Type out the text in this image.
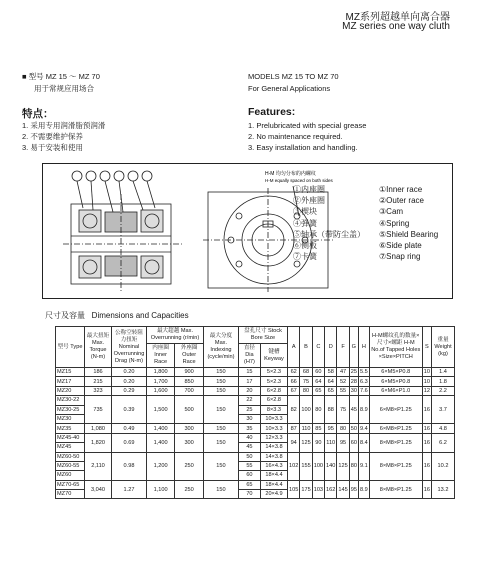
MZ系列超越单向离合器
MZ series one way cluth
■ 型号 MZ 15 ～ MZ 70
用于常规应用场合
MODELS MZ 15 TO MZ 70
For General Applications
特点：
1. 采用专用润滑脂预润滑
2. 不需要维护保养
3. 易于安装和使用
Features:
1. Prelubricated with special grease
2. No maintenance required.
3. Easy installation and handling.
H-M 均匀分布的内螺纹
H-M equally spaced on both sides
①内座圈
②外座圈
③楔块
④弹簧
⑤轴承（带防尘盖）
⑥侧板
⑦卡簧
①Inner race
②Outer race
③Cam
④Spring
⑤Shield Bearing
⑥Side plate
⑦Snap ring
尺寸及容量 Dimensions and Capacities
型号 Type	最大扭矩 Max. Torque (N-m)	公称空转阻力扭矩 Nominal Overrunning Drag (N-m)	最大超越 Max. Overrunning (r/min)		最大分度 Max. Indexing (cycle/min)	盘孔尺寸 Stock Bore Size		A	B	C	D	F	G	H	H-M螺纹孔的数量×尺寸×螺距 H-M No.of Tapped Holes ×Size×PITCH	S	重量 Weight (kg)
			内座圈 Inner Race	外座圈 Outer Race		直径 Dia (H7)	键槽 Keyway										
MZ15	186	0.20	1,800	900	150	15	5×2.3	62	68	60	58	47	25	5.5	6×M5×P0.8	10	1.4
MZ17	215	0.20	1,700	850	150	17	5×2.3	66	75	64	64	52	28	6.3	6×M5×P0.8	10	1.8
MZ20	323	0.29	1,600	700	150	20	6×2.8	67	80	65	65	55	30	7.6	6×M6×P1.0	12	2.2
MZ30-22	735	0.39	1,500	500	150	22	6×2.8	82	100	80	88	75	45	8.9	6×M8×P1.25	16	3.7
MZ30-25						25	8×3.3										
MZ30						30	10×3.3										
MZ35	1,080	0.49	1,400	300	150	35	10×3.3	87	110	85	95	80	50	9.4	6×M8×P1.25	16	4.8
MZ45-40	1,820	0.69	1,400	300	150	40	12×3.3	94	125	90	110	95	60	8.4	8×M8×P1.25	16	6.2
MZ45						45	14×3.8										
MZ60-50	2,110	0.98	1,200	250	150	50	14×3.8	102	155	100	140	125	80	9.1	8×M8×P1.25	16	10.2
MZ60-55						55	16×4.3										
MZ60						60	18×4.4										
MZ70-65	3,040	1.27	1,100	250	150	65	18×4.4	105	175	103	162	145	95	8.9	8×M8×P1.25	16	13.2
MZ70						70	20×4.9										
